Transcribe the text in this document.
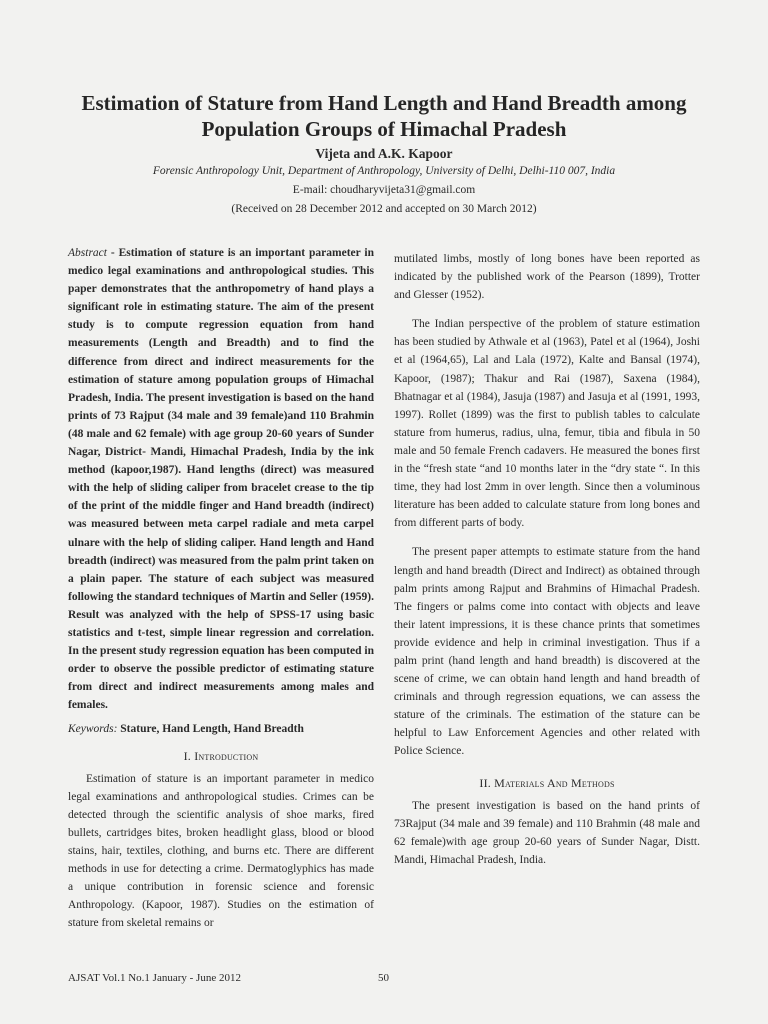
Estimation of Stature from Hand Length and Hand Breadth among
Population Groups of Himachal Pradesh
Vijeta and A.K. Kapoor
Forensic Anthropology Unit, Department of Anthropology, University of Delhi, Delhi-110 007, India
E-mail: choudharyvijeta31@gmail.com
(Received on 28 December 2012 and accepted on 30 March 2012)

Abstract - Estimation of stature is an important parameter in medico legal examinations and anthropological studies. This paper demonstrates that the anthropometry of hand plays a significant role in estimating stature. The aim of the present study is to compute regression equation from hand measurements (Length and Breadth) and to find the difference from direct and indirect measurements for the estimation of stature among population groups of Himachal Pradesh, India. The present investigation is based on the hand prints of 73 Rajput (34 male and 39 female)and 110 Brahmin (48 male and 62 female) with age group 20-60 years of Sunder Nagar, District- Mandi, Himachal Pradesh, India by the ink method (kapoor,1987). Hand lengths (direct) was measured with the help of sliding caliper from bracelet crease to the tip of the print of the middle finger and Hand breadth (indirect) was measured between meta carpel radiale and meta carpel ulnare with the help of sliding caliper. Hand length and Hand breadth (indirect) was measured from the palm print taken on a plain paper. The stature of each subject was measured following the standard techniques of Martin and Seller (1959). Result was analyzed with the help of SPSS-17 using basic statistics and t-test, simple linear regression and correlation. In the present study regression equation has been computed in order to observe the possible predictor of estimating stature from direct and indirect measurements among males and females.

Keywords: Stature, Hand Length, Hand Breadth

I. Introduction

Estimation of stature is an important parameter in medico legal examinations and anthropological studies. Crimes can be detected through the scientific analysis of shoe marks, fired bullets, cartridges bites, broken headlight glass, blood or blood stains, hair, textiles, clothing, and burns etc. There are different methods in use for detecting a crime. Dermatoglyphics has made a unique contribution in forensic science and forensic Anthropology. (Kapoor, 1987). Studies on the estimation of stature from skeletal remains or

mutilated limbs, mostly of long bones have been reported as indicated by the published work of the Pearson (1899), Trotter and Glesser (1952).

The Indian perspective of the problem of stature estimation has been studied by Athwale et al (1963), Patel et al (1964), Joshi et al (1964,65), Lal and Lala (1972), Kalte and Bansal (1974), Kapoor, (1987); Thakur and Rai (1987), Saxena (1984), Bhatnagar et al (1984), Jasuja (1987) and Jasuja et al (1991, 1993, 1997). Rollet (1899) was the first to publish tables to calculate stature from humerus, radius, ulna, femur, tibia and fibula in 50 male and 50 female French cadavers. He measured the bones first in the “fresh state “and 10 months later in the “dry state “. In this time, they had lost 2mm in over length. Since then a voluminous literature has been added to calculate stature from long bones and from different parts of body.

The present paper attempts to estimate stature from the hand length and hand breadth (Direct and Indirect) as obtained through palm prints among Rajput and Brahmins of Himachal Pradesh. The fingers or palms come into contact with objects and leave their latent impressions, it is these chance prints that sometimes provide evidence and help in criminal investigation. Thus if a palm print (hand length and hand breadth) is discovered at the scene of crime, we can obtain hand length and hand breadth of criminals and through regression equations, we can assess the stature of the criminals. The estimation of the stature can be helpful to Law Enforcement Agencies and other related with Police Science.

II. Materials And Methods

The present investigation is based on the hand prints of 73Rajput (34 male and 39 female) and 110 Brahmin (48 male and 62 female)with age group 20-60 years of Sunder Nagar, Distt. Mandi, Himachal Pradesh, India.

AJSAT Vol.1 No.1 January - June 2012	50
